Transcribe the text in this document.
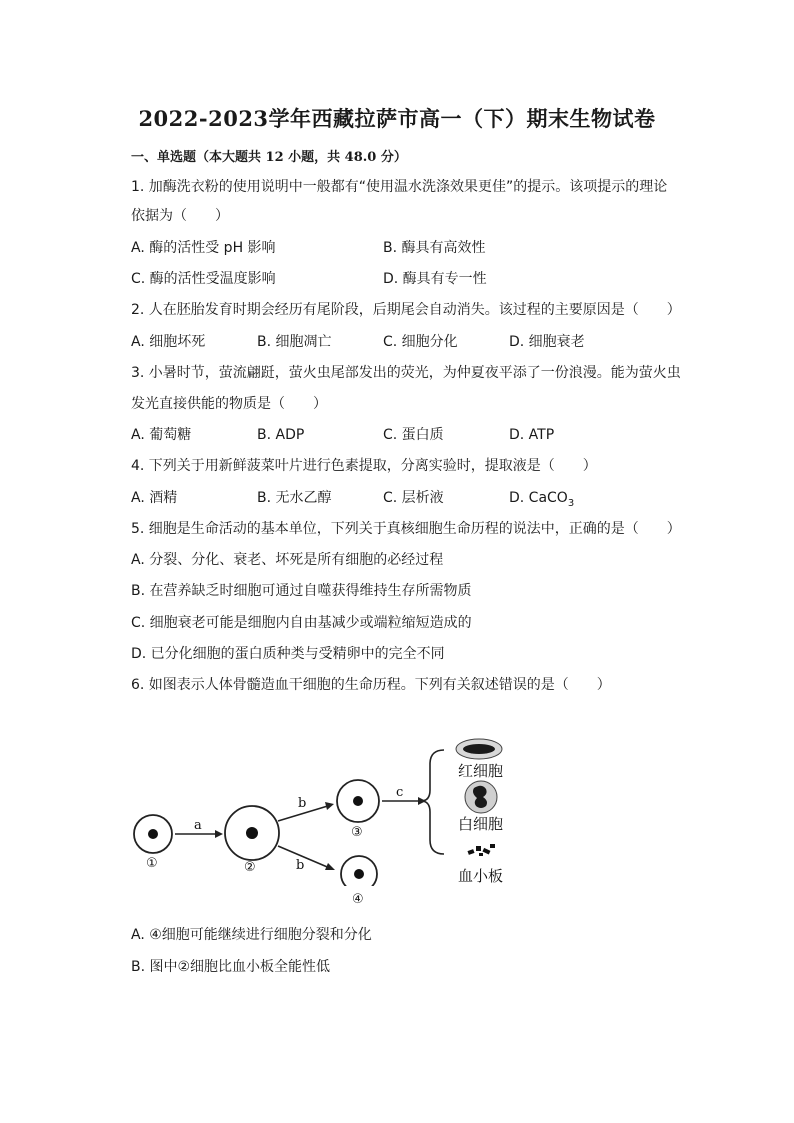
2022-2023学年西藏拉萨市高一（下）期末生物试卷
一、单选题（本大题共 12 小题，共 48.0 分）
1. 加酶洗衣粉的使用说明中一般都有“使用温水洗涤效果更佳”的提示。该项提示的理论
依据为（　　）
A. 酶的活性受 pH 影响	B. 酶具有高效性
C. 酶的活性受温度影响	D. 酶具有专一性
2. 人在胚胎发育时期会经历有尾阶段，后期尾会自动消失。该过程的主要原因是（　　）
A. 细胞坏死	B. 细胞凋亡	C. 细胞分化	D. 细胞衰老
3. 小暑时节，萤流翩跹，萤火虫尾部发出的荧光，为仲夏夜平添了一份浪漫。能为萤火虫
发光直接供能的物质是（　　）
A. 葡萄糖	B. ADP	C. 蛋白质	D. ATP
4. 下列关于用新鲜菠菜叶片进行色素提取，分离实验时，提取液是（　　）
A. 酒精	B. 无水乙醇	C. 层析液	D. CaCO$_3$
5. 细胞是生命活动的基本单位，下列关于真核细胞生命历程的说法中，正确的是（　　）
A. 分裂、分化、衰老、坏死是所有细胞的必经过程
B. 在营养缺乏时细胞可通过自噬获得维持生存所需物质
C. 细胞衰老可能是细胞内自由基减少或端粒缩短造成的
D. 已分化细胞的蛋白质种类与受精卵中的完全不同
6. 如图表示人体骨髓造血干细胞的生命历程。下列有关叙述错误的是（　　）
①
a
②
b
b
③
c
红细胞
白细胞
血小板
④
A. ④细胞可能继续进行细胞分裂和分化
B. 图中②细胞比血小板全能性低
